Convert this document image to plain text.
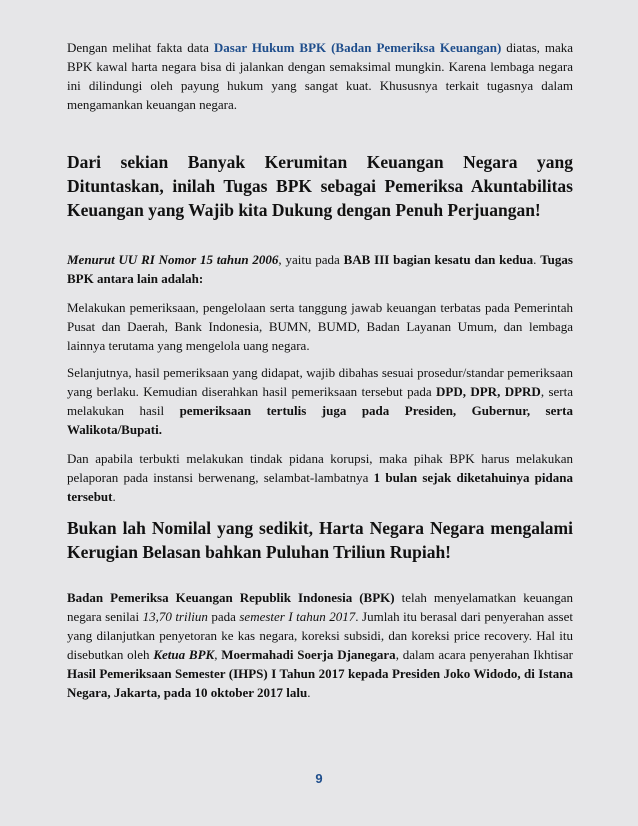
Dengan melihat fakta data Dasar Hukum BPK (Badan Pemeriksa Keuangan) diatas, maka BPK kawal harta negara bisa di jalankan dengan semaksimal mungkin. Karena lembaga negara ini dilindungi oleh payung hukum yang sangat kuat. Khususnya terkait tugasnya dalam mengamankan keuangan negara.

Dari sekian Banyak Kerumitan Keuangan Negara yang Dituntaskan, inilah Tugas BPK sebagai Pemeriksa Akuntabilitas Keuangan yang Wajib kita Dukung dengan Penuh Perjuangan!

Menurut UU RI Nomor 15 tahun 2006, yaitu pada BAB III bagian kesatu dan kedua. Tugas BPK antara lain adalah:

Melakukan pemeriksaan, pengelolaan serta tanggung jawab keuangan terbatas pada Pemerintah Pusat dan Daerah, Bank Indonesia, BUMN, BUMD, Badan Layanan Umum, dan lembaga lainnya terutama yang mengelola uang negara.

Selanjutnya, hasil pemeriksaan yang didapat, wajib dibahas sesuai prosedur/standar pemeriksaan yang berlaku. Kemudian diserahkan hasil pemeriksaan tersebut pada DPD, DPR, DPRD, serta melakukan hasil pemeriksaan tertulis juga pada Presiden, Gubernur, serta Walikota/Bupati.

Dan apabila terbukti melakukan tindak pidana korupsi, maka pihak BPK harus melakukan pelaporan pada instansi berwenang, selambat-lambatnya 1 bulan sejak diketahuinya pidana tersebut.

Bukan lah Nomilal yang sedikit, Harta Negara Negara mengalami Kerugian Belasan bahkan Puluhan Triliun Rupiah!

Badan Pemeriksa Keuangan Republik Indonesia (BPK) telah menyelamatkan keuangan negara senilai 13,70 triliun pada semester I tahun 2017. Jumlah itu berasal dari penyerahan asset yang dilanjutkan penyetoran ke kas negara, koreksi subsidi, dan koreksi price recovery. Hal itu disebutkan oleh Ketua BPK, Moermahadi Soerja Djanegara, dalam acara penyerahan Ikhtisar Hasil Pemeriksaan Semester (IHPS) I Tahun 2017 kepada Presiden Joko Widodo, di Istana Negara, Jakarta, pada 10 oktober 2017 lalu.

9
